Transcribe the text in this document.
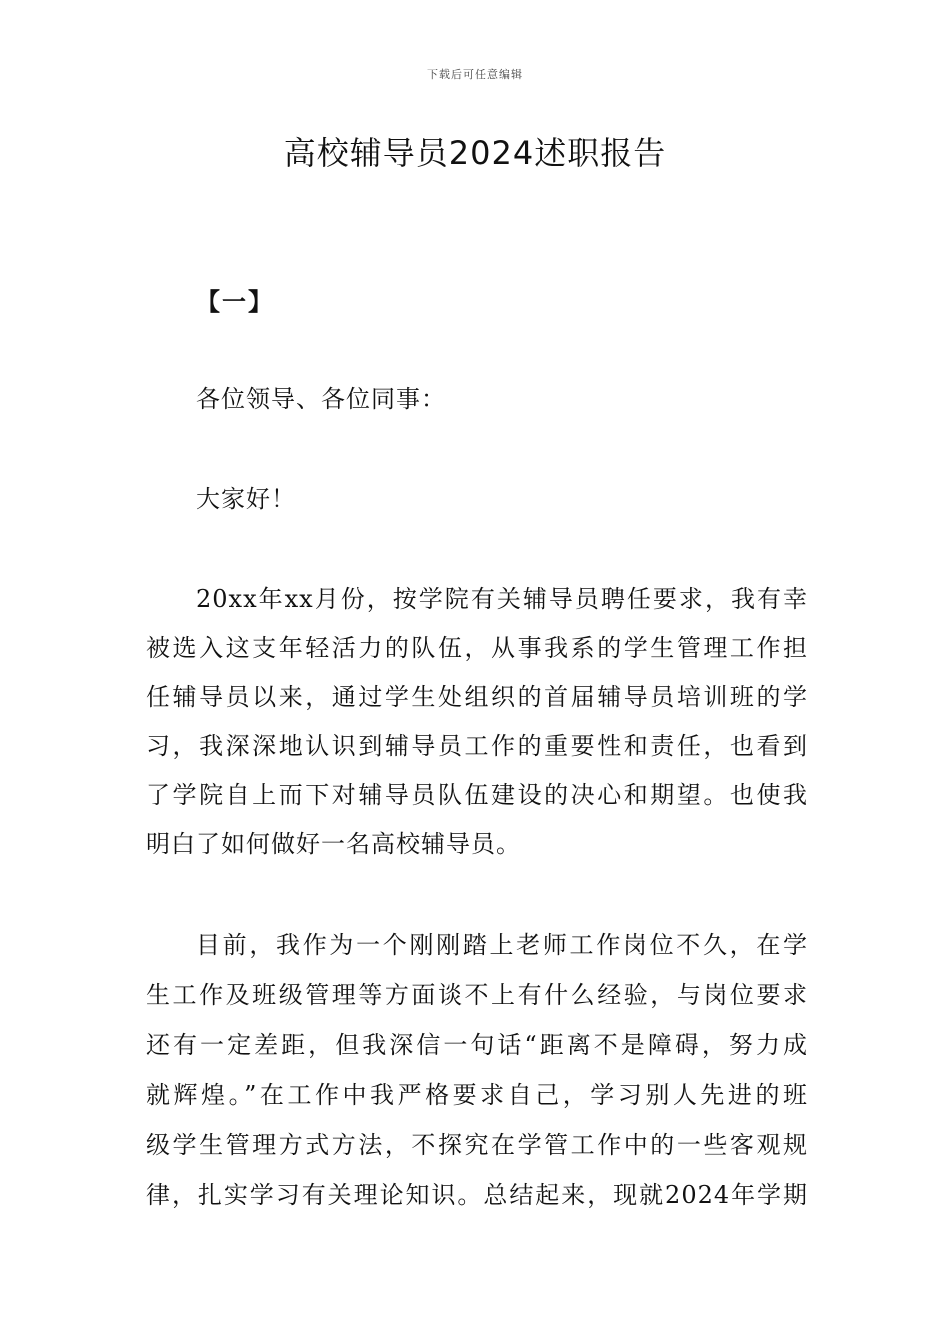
下载后可任意编辑
高校辅导员2024述职报告
【一】
各位领导、各位同事：
大家好！
20xx年xx月份，按学院有关辅导员聘任要求，我有幸
被选入这支年轻活力的队伍，从事我系的学生管理工作担
任辅导员以来，通过学生处组织的首届辅导员培训班的学
习，我深深地认识到辅导员工作的重要性和责任，也看到
了学院自上而下对辅导员队伍建设的决心和期望。也使我
明白了如何做好一名高校辅导员。
目前，我作为一个刚刚踏上老师工作岗位不久，在学
生工作及班级管理等方面谈不上有什么经验，与岗位要求
还有一定差距，但我深信一句话“距离不是障碍，努力成
就辉煌。”在工作中我严格要求自己，学习别人先进的班
级学生管理方式方法，不探究在学管工作中的一些客观规
律，扎实学习有关理论知识。总结起来，现就2024年学期
